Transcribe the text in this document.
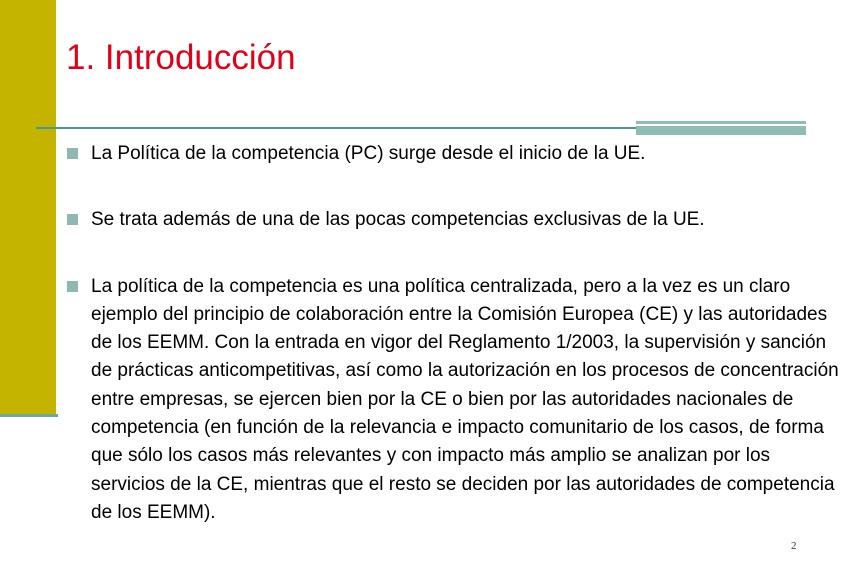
1. Introducción
La Política de la competencia (PC) surge desde el inicio de la UE.
Se trata además de una de las pocas competencias exclusivas de la UE.
La política de la competencia es una política centralizada, pero a la vez es un claro ejemplo del principio de colaboración entre la Comisión Europea (CE) y las autoridades de los EEMM. Con la entrada en vigor del Reglamento 1/2003, la supervisión y sanción de prácticas anticompetitivas, así como la autorización en los procesos de concentración entre empresas, se ejercen bien por la CE o bien por las autoridades nacionales de competencia (en función de la relevancia e impacto comunitario de los casos, de forma que sólo los casos más relevantes y con impacto más amplio se analizan por los servicios de la CE, mientras que el resto se deciden por las autoridades de competencia de los EEMM).
2
